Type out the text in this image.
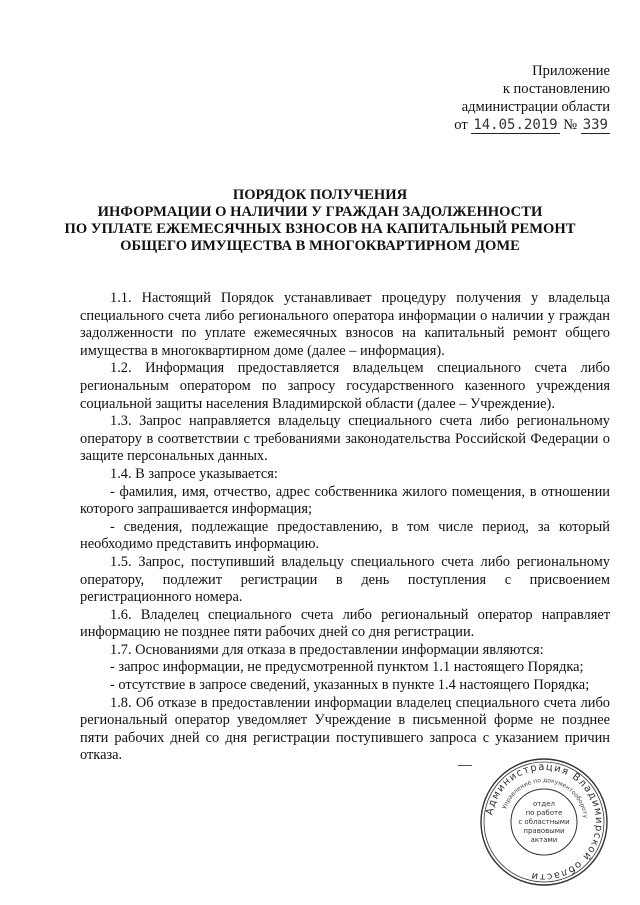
Приложение
к постановлению
администрации области
от 14.05.2019 № 339
ПОРЯДОК ПОЛУЧЕНИЯ
ИНФОРМАЦИИ О НАЛИЧИИ У ГРАЖДАН ЗАДОЛЖЕННОСТИ
ПО УПЛАТЕ ЕЖЕМЕСЯЧНЫХ ВЗНОСОВ НА КАПИТАЛЬНЫЙ РЕМОНТ
ОБЩЕГО ИМУЩЕСТВА В МНОГОКВАРТИРНОМ ДОМЕ

1.1. Настоящий Порядок устанавливает процедуру получения у владельца специального счета либо регионального оператора информации о наличии у граждан задолженности по уплате ежемесячных взносов на капитальный ремонт общего имущества в многоквартирном доме (далее – информация).

1.2. Информация предоставляется владельцем специального счета либо региональным оператором по запросу государственного казенного учреждения социальной защиты населения Владимирской области (далее – Учреждение).

1.3. Запрос направляется владельцу специального счета либо региональному оператору в соответствии с требованиями законодательства Российской Федерации о защите персональных данных.

1.4. В запросе указывается:

- фамилия, имя, отчество, адрес собственника жилого помещения, в отношении которого запрашивается информация;

- сведения, подлежащие предоставлению, в том числе период, за который необходимо представить информацию.

1.5. Запрос, поступивший владельцу специального счета либо региональному оператору, подлежит регистрации в день поступления с присвоением регистрационного номера.

1.6. Владелец специального счета либо региональный оператор направляет информацию не позднее пяти рабочих дней со дня регистрации.

1.7. Основаниями для отказа в предоставлении информации являются:

- запрос информации, не предусмотренной пунктом 1.1 настоящего Порядка;

- отсутствие в запросе сведений, указанных в пункте 1.4 настоящего Порядка;

1.8. Об отказе в предоставлении информации владелец специального счета либо региональный оператор уведомляет Учреждение в письменной форме не позднее пяти рабочих дней со дня регистрации поступившего запроса с указанием причин отказа.

Администрация Владимирской области
Управление по документообороту
отдел
по работе
с областными
правовыми
актами
